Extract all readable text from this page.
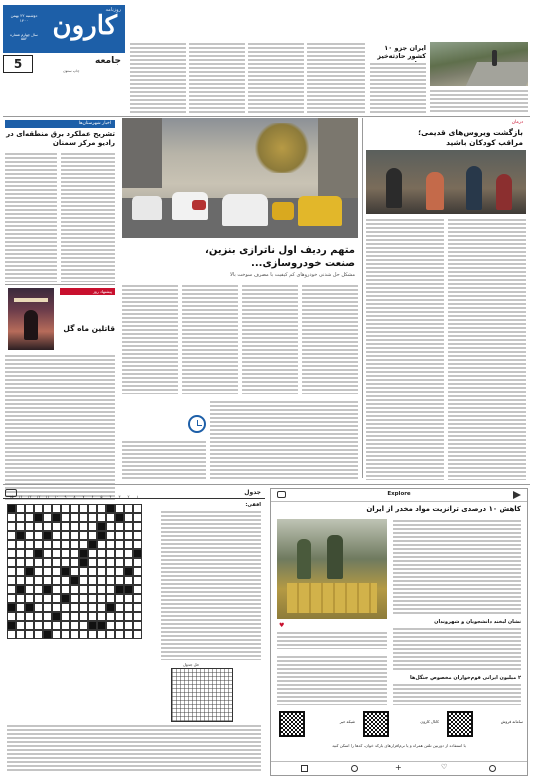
کارون
روزنامه
دوشنبه ۲۲ بهمن ۱۴۰۰
سال چهارم شماره ۵۵۲
5	جامعه
چاپ ستون
ایران جزو ۱۰ کشور حادثه‌خیز
اخبار شهرستان‌ها
تشریح عملکرد برق منطقه‌ای در راديو مرکز سمنان
پیشنهاد روز
قاتلین ماه گل
متهم ردیف اول ناترازی بنزین، صنعت خودروسازی...
مشکل حل شدنی خودروهای کم کیفیت با مصرف سوخت بالا
درمان
بازگشت ویروس‌های قدیمی؛ مراقب کودکان باشید
جدول
۱۵	۱۴	۱۳	۱۲	۱۱	۱۰	۹	۸	۷	۶	۵	۴	۳	۲	۱
افقی:
حل جدول
Explore
کاهش ۱۰ درصدی ترانزیت مواد مخدر از ایران
♥	نشان لبخند دانشجویان و شهروندان
۲ میلیون ایرانی فوم‌خواران مخصوص جنگل‌ها
شبکه خبر	کانال کارون	سامانه فروش
با استفاده از دوربین تلفن همراه و یا نرم‌افزارهای بارکد خوان، کدها را اسکن کنید
+	♡
